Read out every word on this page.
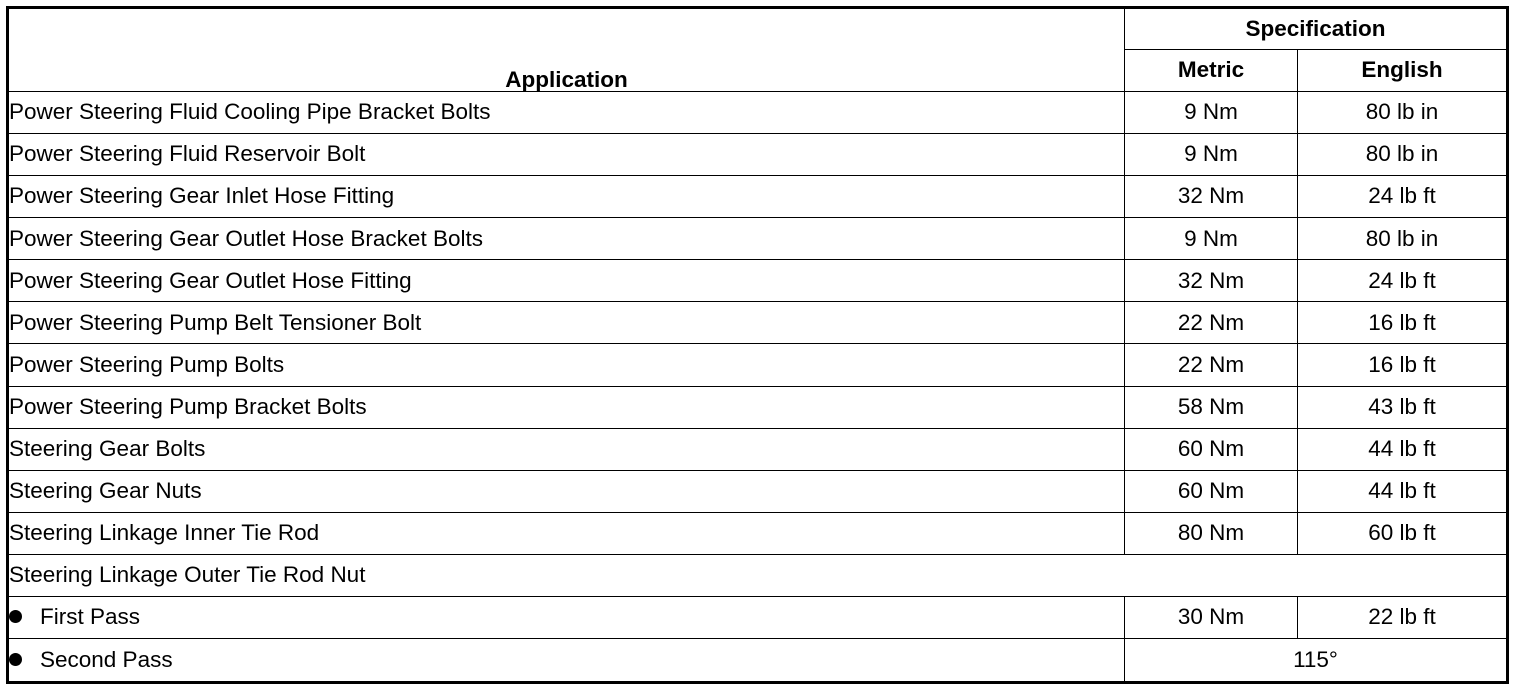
Application	Specification	
	Metric	English
Power Steering Fluid Cooling Pipe Bracket Bolts	9 Nm	80 lb in
Power Steering Fluid Reservoir Bolt	9 Nm	80 lb in
Power Steering Gear Inlet Hose Fitting	32 Nm	24 lb ft
Power Steering Gear Outlet Hose Bracket Bolts	9 Nm	80 lb in
Power Steering Gear Outlet Hose Fitting	32 Nm	24 lb ft
Power Steering Pump Belt Tensioner Bolt	22 Nm	16 lb ft
Power Steering Pump Bolts	22 Nm	16 lb ft
Power Steering Pump Bracket Bolts	58 Nm	43 lb ft
Steering Gear Bolts	60 Nm	44 lb ft
Steering Gear Nuts	60 Nm	44 lb ft
Steering Linkage Inner Tie Rod	80 Nm	60 lb ft
Steering Linkage Outer Tie Rod Nut		
First Pass	30 Nm	22 lb ft
Second Pass	115°	
